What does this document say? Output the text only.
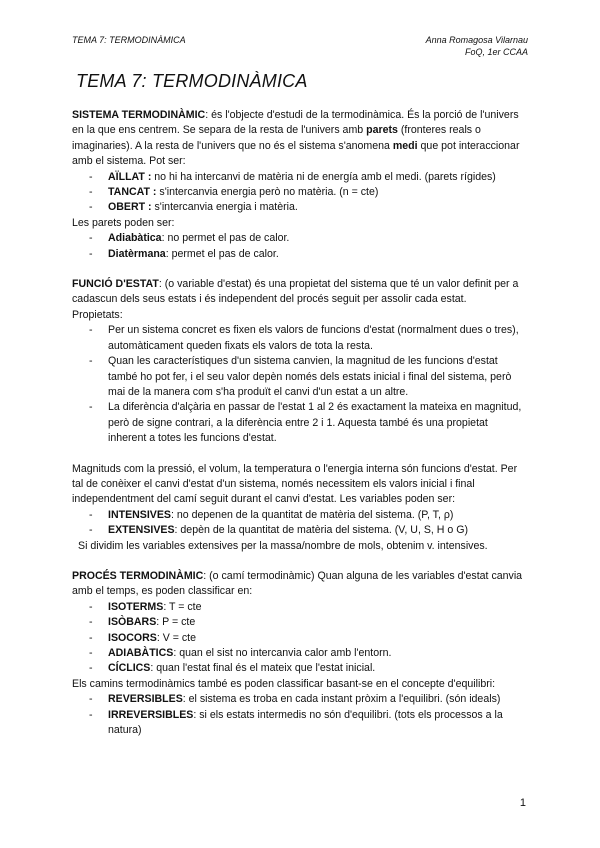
TEMA 7: TERMODINÀMICA	Anna Romagosa Vilarnau
FoQ, 1er CCAA
TEMA 7: TERMODINÀMICA

SISTEMA TERMODINÀMIC: és l'objecte d'estudi de la termodinàmica. És la porció de l'univers en la que ens centrem. Se separa de la resta de l'univers amb parets (fronteres reals o imaginaries). A la resta de l'univers que no és el sistema s'anomena medi que pot interaccionar amb el sistema. Pot ser:

- AÏLLAT : no hi ha intercanvi de matèria ni de energía amb el medi. (parets rígides)
- TANCAT : s'intercanvia energia però no matèria. (n = cte)
- OBERT : s'intercanvia energia i matèria.

Les parets poden ser:

- Adiabàtica: no permet el pas de calor.
- Diatèrmana: permet el pas de calor.

FUNCIÓ D'ESTAT: (o variable d'estat) és una propietat del sistema que té un valor definit per a cadascun dels seus estats i és independent del procés seguit per assolir cada estat.

Propietats:

- Per un sistema concret es fixen els valors de funcions d'estat (normalment dues o tres), automàticament queden fixats els valors de tota la resta.
- Quan les característiques d'un sistema canvien, la magnitud de les funcions d'estat també ho pot fer, i el seu valor depèn només dels estats inicial i final del sistema, però mai de la manera com s'ha produït el canvi d'un estat a un altre.
- La diferència d'alçària en passar de l'estat 1 al 2 és exactament la mateixa en magnitud, però de signe contrari, a la diferència entre 2 i 1. Aquesta també és una propietat inherent a totes les funcions d'estat.

Magnituds com la pressió, el volum, la temperatura o l'energia interna són funcions d'estat. Per tal de conèixer el canvi d'estat d'un sistema, només necessitem els valors inicial i final independentment del camí seguit durant el canvi d'estat. Les variables poden ser:

- INTENSIVES: no depenen de la quantitat de matèria del sistema. (P, T, ρ)
- EXTENSIVES: depèn de la quantitat de matèria del sistema. (V, U, S, H o G)

Si dividim les variables extensives per la massa/nombre de mols, obtenim v. intensives.

PROCÉS TERMODINÀMIC: (o camí termodinàmic) Quan alguna de les variables d'estat canvia amb el temps, es poden classificar en:

- ISOTERMS: T = cte
- ISÒBARS: P = cte
- ISOCORS: V = cte
- ADIABÀTICS: quan el sist no intercanvia calor amb l'entorn.
- CÍCLICS: quan l'estat final és el mateix que l'estat inicial.

Els camins termodinàmics també es poden classificar basant-se en el concepte d'equilibri:

- REVERSIBLES: el sistema es troba en cada instant pròxim a l'equilibri. (són ideals)
- IRREVERSIBLES: si els estats intermedis no són d'equilibri. (tots els processos a la natura)
1
